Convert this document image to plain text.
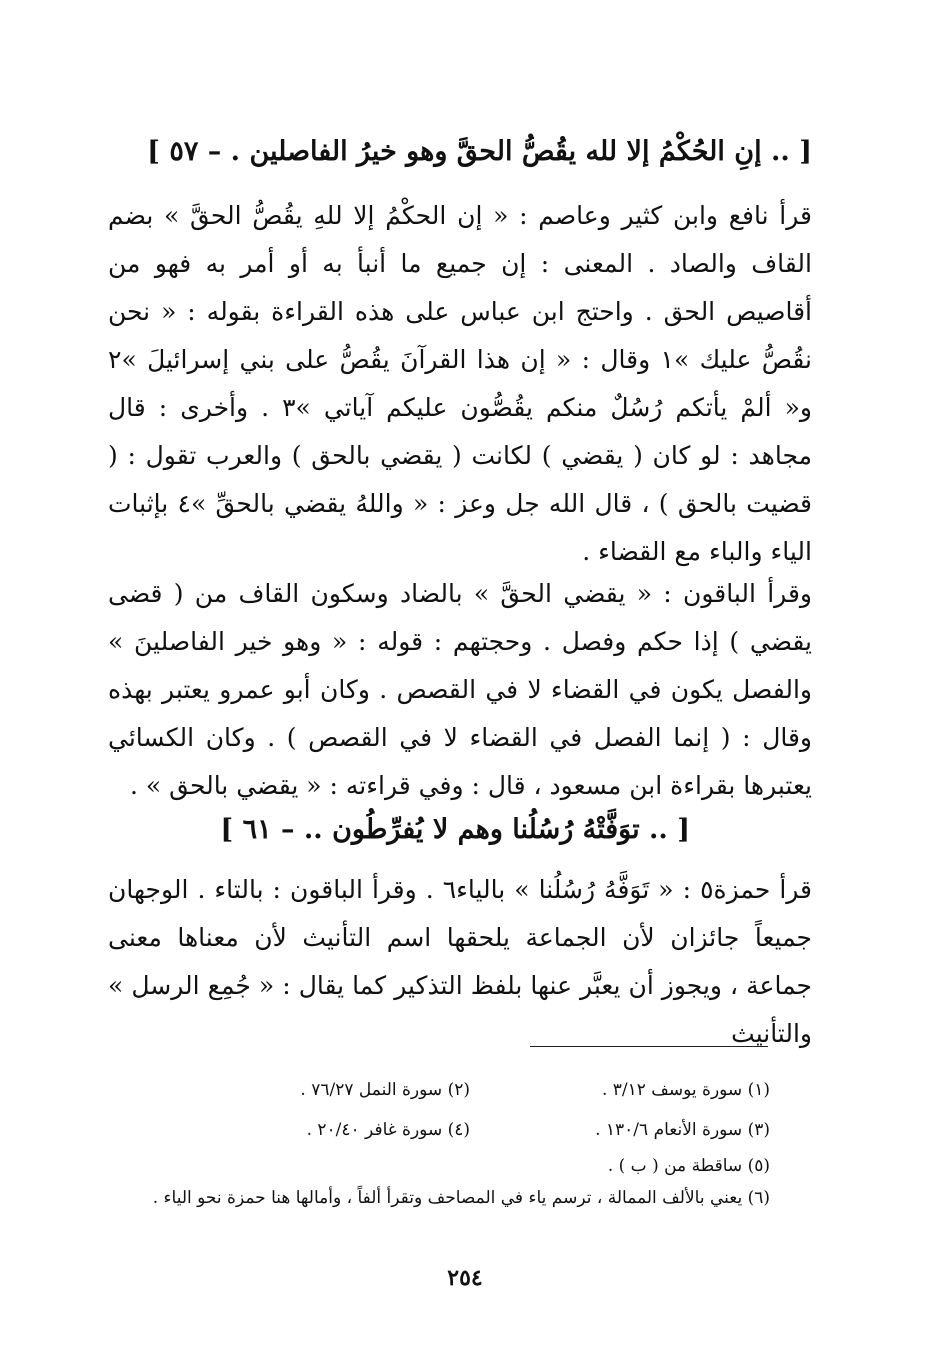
[ .. إنِ الحُكْمُ إلا لله يقُصُّ الحقَّ وهو خيرُ الفاصلين . – ٥٧ ]
قرأ نافع وابن كثير وعاصم : « إن الحكْمُ إلا للهِ يقُصُّ الحقَّ » بضم القاف والصاد . المعنى : إن جميع ما أنبأ به أو أمر به فهو من أقاصيص الحق . واحتج ابن عباس على هذه القراءة بقوله : « نحن نقُصُّ عليك »١ وقال : « إن هذا القرآنَ يقُصُّ على بني إسرائيلَ »٢ و« ألمْ يأتكم رُسُلٌ منكم يقُصُّون عليكم آياتي »٣ . وأخرى : قال مجاهد : لو كان ( يقضي ) لكانت ( يقضي بالحق ) والعرب تقول : ( قضيت بالحق ) ، قال الله جل وعز : « واللهُ يقضي بالحقِّ »٤ بإثبات الياء والباء مع القضاء .
وقرأ الباقون : « يقضي الحقَّ » بالضاد وسكون القاف من ( قضى يقضي ) إذا حكم وفصل . وحجتهم : قوله : « وهو خير الفاصلينَ » والفصل يكون في القضاء لا في القصص . وكان أبو عمرو يعتبر بهذه وقال : ( إنما الفصل في القضاء لا في القصص ) . وكان الكسائي يعتبرها بقراءة ابن مسعود ، قال : وفي قراءته : « يقضي بالحق » .
[ .. توَفَّتْهُ رُسُلُنا وهم لا يُفرِّطُون .. – ٦١ ]
قرأ حمزة٥ : « تَوَفَّهُ رُسُلُنا » بالياء٦ . وقرأ الباقون : بالتاء . الوجهان جميعاً جائزان لأن الجماعة يلحقها اسم التأنيث لأن معناها معنى جماعة ، ويجوز أن يعبَّر عنها بلفظ التذكير كما يقال : « جُمِع الرسل » والتأنيث
(١) سورة يوسف ٣/١٢ .
(٢) سورة النمل ٧٦/٢٧ .
(٣) سورة الأنعام ١٣٠/٦ .
(٤) سورة غافر ٢٠/٤٠ .
(٥) ساقطة من ( ب ) .
(٦) يعني بالألف الممالة ، ترسم ياء في المصاحف وتقرأ ألفاً ، وأمالها هنا حمزة نحو الياء .
٢٥٤
